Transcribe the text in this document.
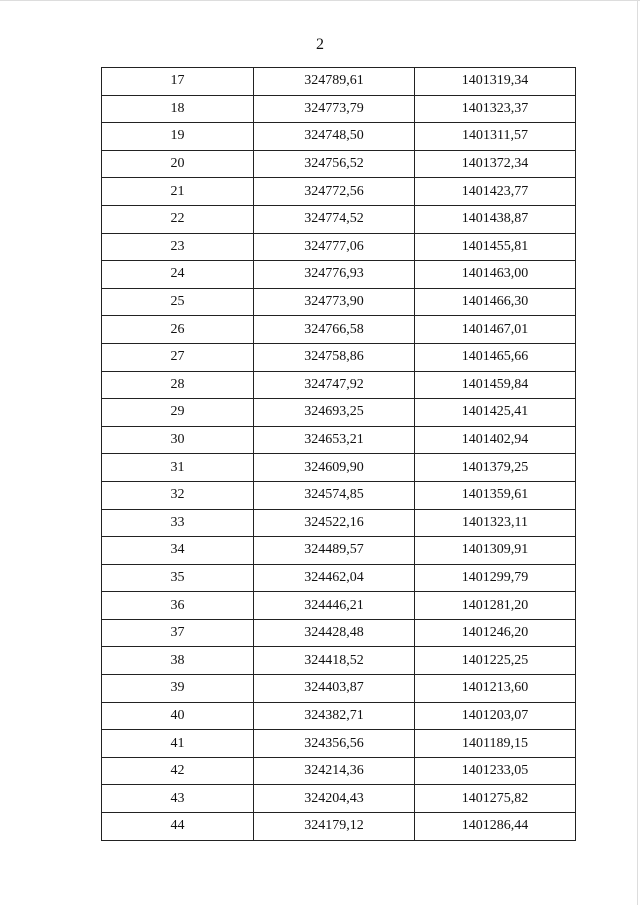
2
17	324789,61	1401319,34
18	324773,79	1401323,37
19	324748,50	1401311,57
20	324756,52	1401372,34
21	324772,56	1401423,77
22	324774,52	1401438,87
23	324777,06	1401455,81
24	324776,93	1401463,00
25	324773,90	1401466,30
26	324766,58	1401467,01
27	324758,86	1401465,66
28	324747,92	1401459,84
29	324693,25	1401425,41
30	324653,21	1401402,94
31	324609,90	1401379,25
32	324574,85	1401359,61
33	324522,16	1401323,11
34	324489,57	1401309,91
35	324462,04	1401299,79
36	324446,21	1401281,20
37	324428,48	1401246,20
38	324418,52	1401225,25
39	324403,87	1401213,60
40	324382,71	1401203,07
41	324356,56	1401189,15
42	324214,36	1401233,05
43	324204,43	1401275,82
44	324179,12	1401286,44
